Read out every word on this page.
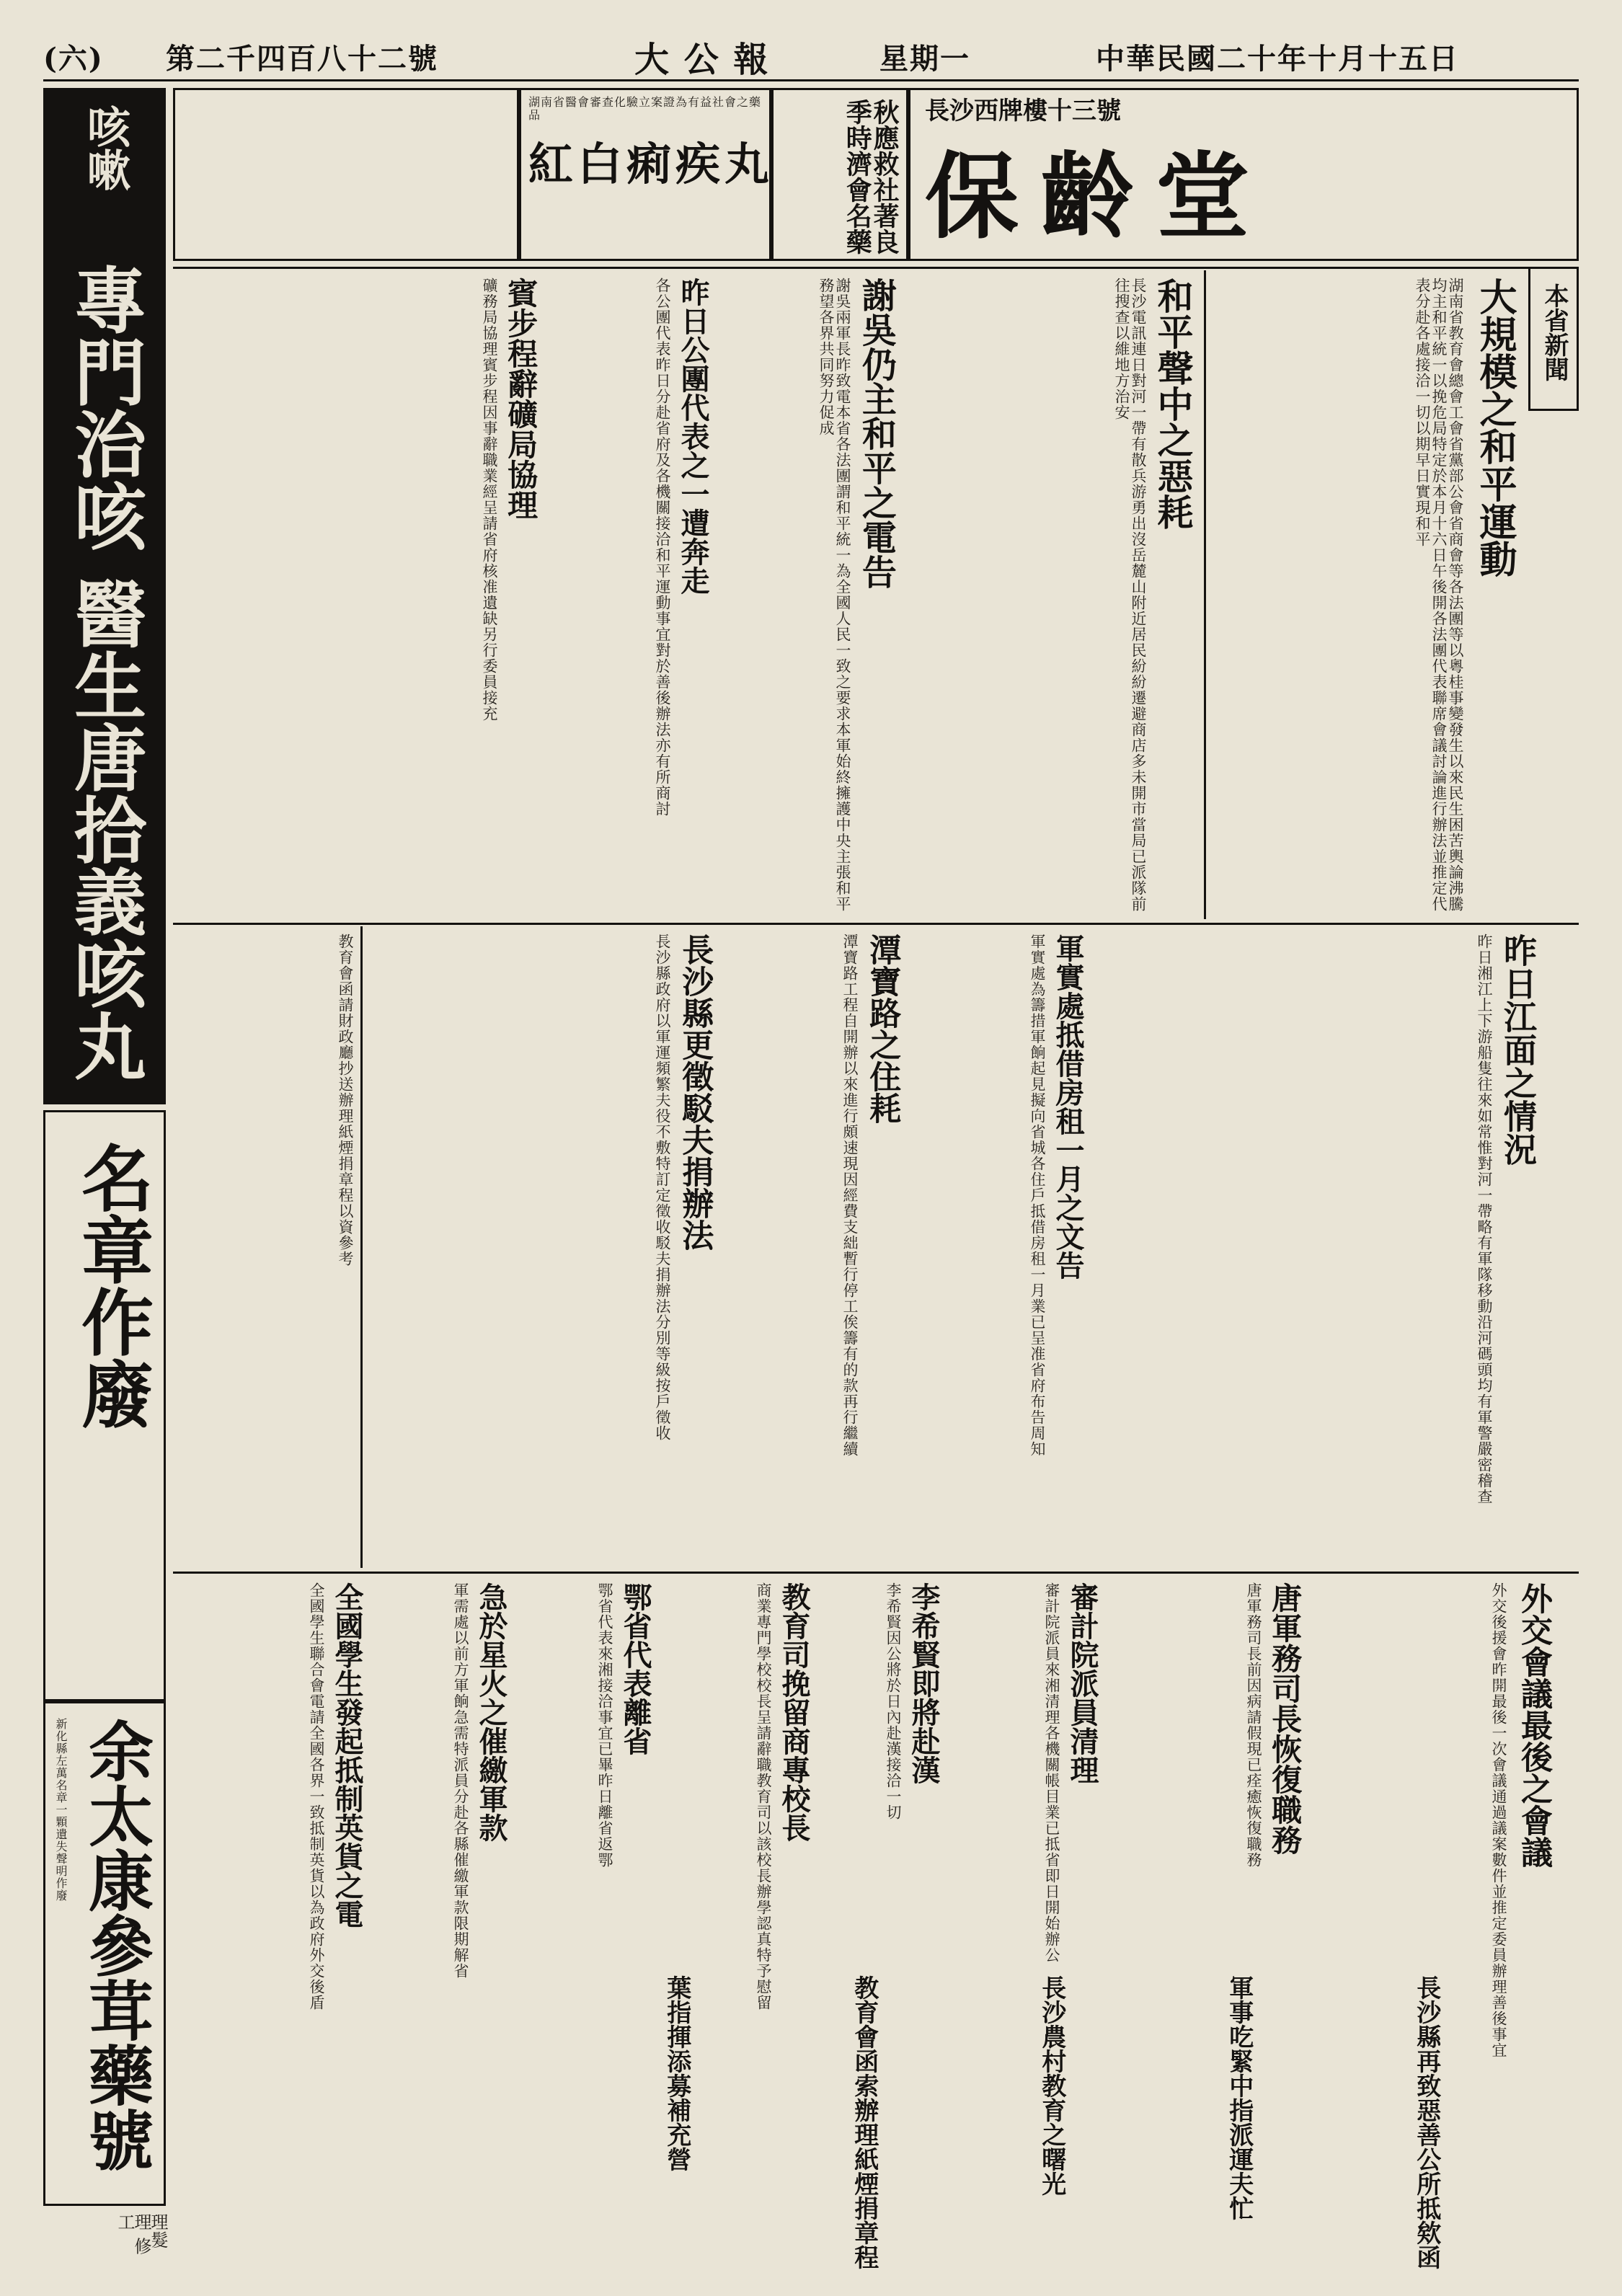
(六) 第二千四百八十二號	大 公 報	星期一	中華民國二十年十月十五日
長沙西牌樓十三號
保齡堂
秋應救社著良季時濟會名藥
湖南省醫會審查化驗立案證為有益社會之藥品
紅白痢疾丸
咳嗽
專門治咳 醫生唐拾義咳丸	本省新聞
大規模之和平運動
湖南省教育會總會工會省黨部公會省商會等各法團等以粵桂事變發生以來民生困苦輿論沸騰均主和平統一以挽危局特定於本月十六日午後開各法團代表聯席會議討論進行辦法並推定代表分赴各處接洽一切以期早日實現和平
和平聲中之惡耗
長沙電訊連日對河一帶有散兵游勇出沒岳麓山附近居民紛紛遷避商店多未開市當局已派隊前往搜查以維地方治安
謝吳仍主和平之電告
謝吳兩軍長昨致電本省各法團謂和平統一為全國人民一致之要求本軍始終擁護中央主張和平務望各界共同努力促成
昨日公團代表之一遭奔走
各公團代表昨日分赴省府及各機關接洽和平運動事宜對於善後辦法亦有所商討
賓步程辭礦局協理
礦務局協理賓步程因事辭職業經呈請省府核准遺缺另行委員接充
昨日江面之情況
昨日湘江上下游船隻往來如常惟對河一帶略有軍隊移動沿河碼頭均有軍警嚴密稽查
軍實處抵借房租一月之文告
軍實處為籌措軍餉起見擬向省城各住戶抵借房租一月業已呈准省府布告周知
潭寶路之住耗
潭寶路工程自開辦以來進行頗速現因經費支絀暫行停工俟籌有的款再行繼續
長沙縣更徵駁夫捐辦法
長沙縣政府以軍運頻繁夫役不敷特訂定徵收駁夫捐辦法分別等級按戶徵收
教育會函請財政廳抄送辦理紙煙捐章程以資參考
外交會議最後之會議
外交後援會昨開最後一次會議通過議案數件並推定委員辦理善後事宜
唐軍務司長恢復職務
唐軍務司長前因病請假現已痊癒恢復職務
審計院派員清理
審計院派員來湘清理各機關帳目業已抵省即日開始辦公
李希賢即將赴漢
李希賢因公將於日內赴漢接洽一切
教育司挽留商專校長
商業專門學校校長呈請辭職教育司以該校長辦學認真特予慰留
鄂省代表離省
鄂省代表來湘接洽事宜已畢昨日離省返鄂
急於星火之催繳軍款
軍需處以前方軍餉急需特派員分赴各縣催繳軍款限期解省
全國學生發起抵制英貨之電
全國學生聯合會電請全國各界一致抵制英貨以為政府外交後盾
長沙縣再致惡善公所抵欸函
軍事吃緊中指派運夫忙
長沙農村教育之曙光
教育會函索辦理紙煙捐章程
葉指揮添募補充營
名章作廢
余太康參茸藥號
新化縣左萬名章一顆遺失聲明作廢
理髮 理 修 工
